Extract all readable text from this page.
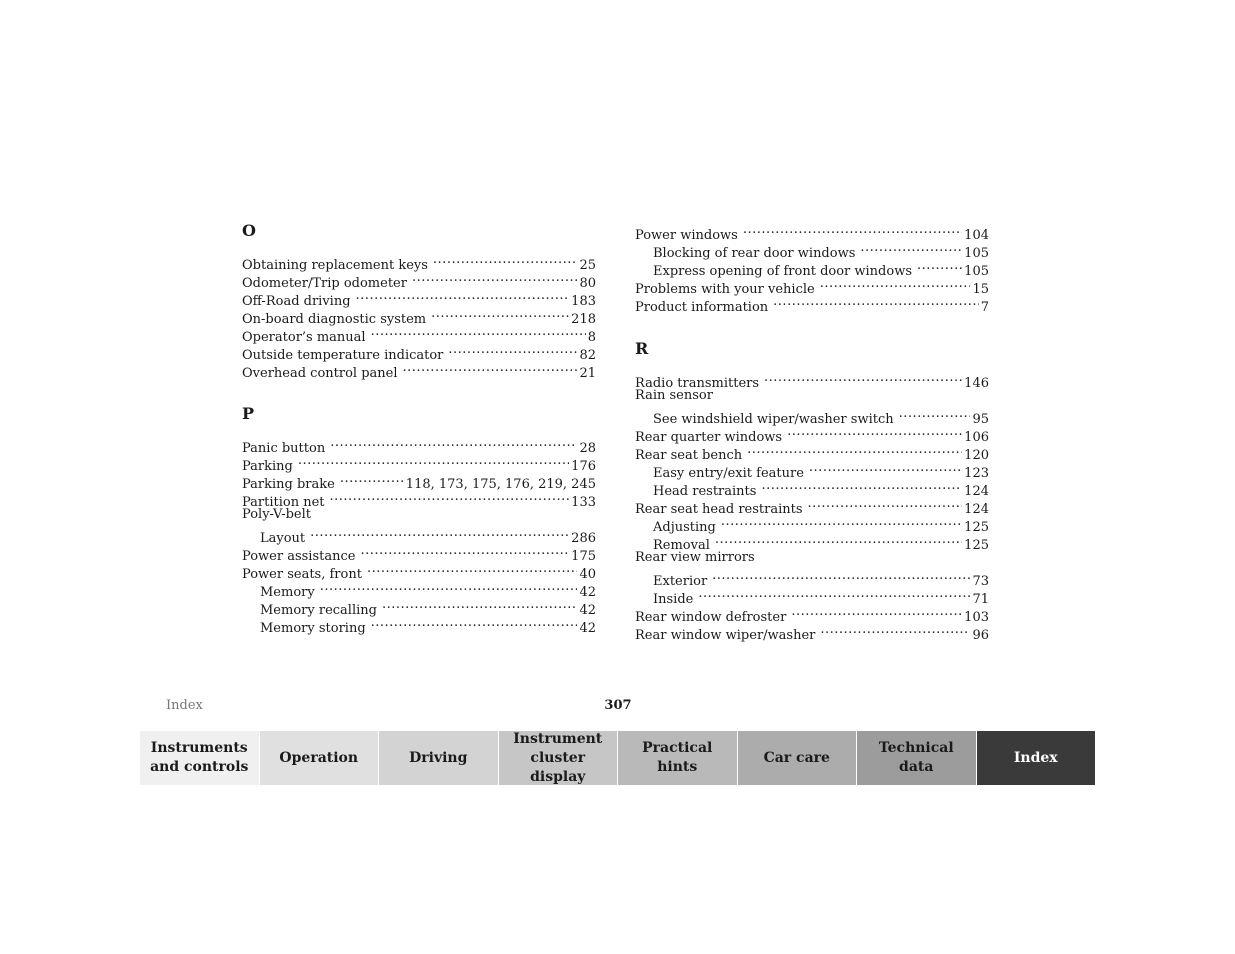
O
Obtaining replacement keys .....	25
Odometer/Trip odometer .....	80
Off-Road driving .....	183
On-board diagnostic system .....	218
Operator’s manual .....	8
Outside temperature indicator .....	82
Overhead control panel .....	21
P
Panic button .....	28
Parking .....	176
Parking brake .....	118, 173, 175, 176, 219, 245
Partition net .....	133
Poly-V-belt
Layout .....	286
Power assistance .....	175
Power seats, front .....	40
Memory .....	42
Memory recalling .....	42
Memory storing .....	42
Power windows .....	104
Blocking of rear door windows .....	105
Express opening of front door windows .....	105
Problems with your vehicle .....	15
Product information .....	7
R
Radio transmitters .....	146
Rain sensor
See windshield wiper/washer switch .....	95
Rear quarter windows .....	106
Rear seat bench .....	120
Easy entry/exit feature .....	123
Head restraints .....	124
Rear seat head restraints .....	124
Adjusting .....	125
Removal .....	125
Rear view mirrors
Exterior .....	73
Inside .....	71
Rear window defroster .....	103
Rear window wiper/washer .....	96
Index	307
Instruments
and controls
Operation	Driving
Instrument
cluster display
Practical hints
Car care
Technical
data
Index
